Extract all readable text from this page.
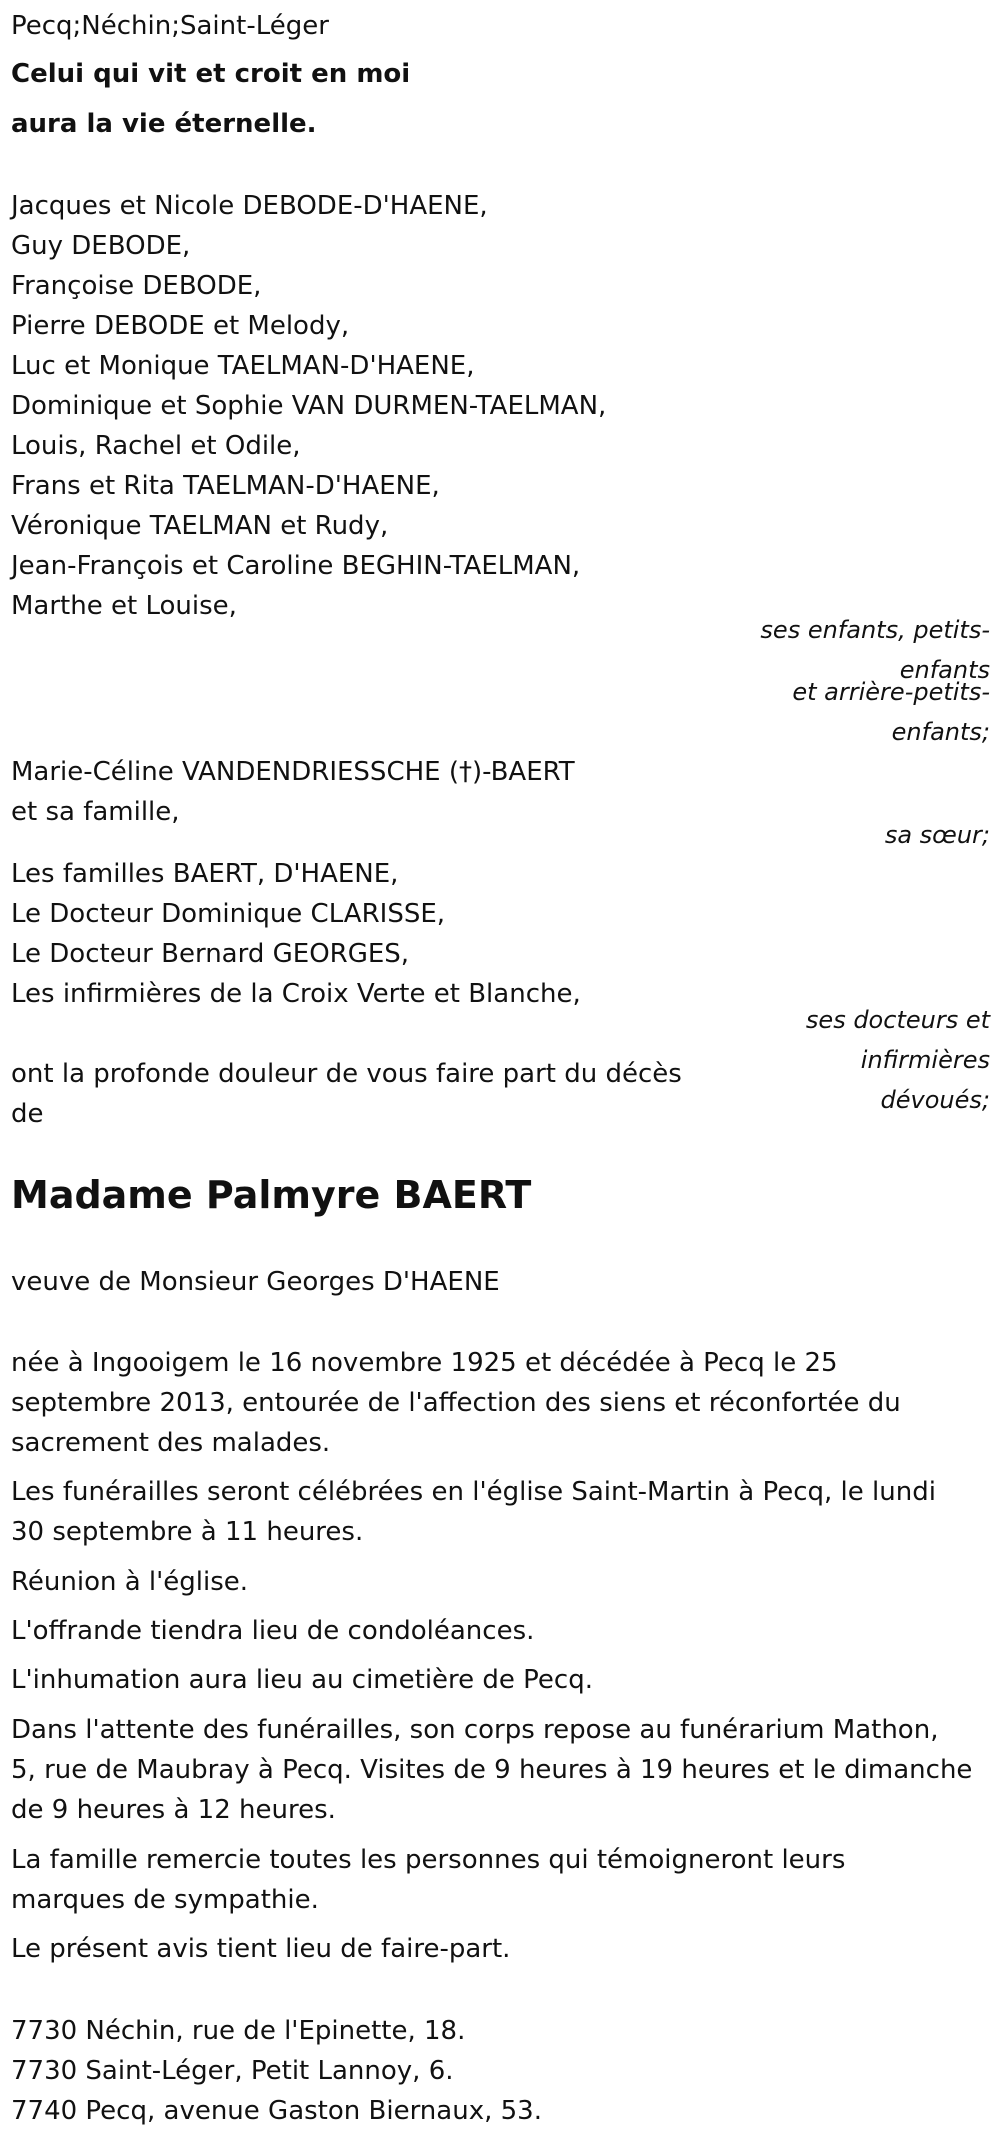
Pecq;Néchin;Saint-Léger
Celui qui vit et croit en moi
aura la vie éternelle.
Jacques et Nicole DEBODE-D'HAENE,
Guy DEBODE,
Françoise DEBODE,
Pierre DEBODE et Melody,
Luc et Monique TAELMAN-D'HAENE,
Dominique et Sophie VAN DURMEN-TAELMAN,
Louis, Rachel et Odile,
Frans et Rita TAELMAN-D'HAENE,
Véronique TAELMAN et Rudy,
Jean-François et Caroline BEGHIN-TAELMAN,
Marthe et Louise,
ses enfants, petits-
enfants
et arrière-petits-
enfants;
Marie-Céline VANDENDRIESSCHE (†)-BAERT
et sa famille,
sa sœur;
Les familles BAERT, D'HAENE,
Le Docteur Dominique CLARISSE,
Le Docteur Bernard GEORGES,
Les infirmières de la Croix Verte et Blanche,
ses docteurs et
infirmières
dévoués;
ont la profonde douleur de vous faire part du décès
de
Madame Palmyre BAERT
veuve de Monsieur Georges D'HAENE
née à Ingooigem le 16 novembre 1925 et décédée à Pecq le 25
septembre 2013, entourée de l'affection des siens et réconfortée du
sacrement des malades.
Les funérailles seront célébrées en l'église Saint-Martin à Pecq, le lundi
30 septembre à 11 heures.
Réunion à l'église.
L'offrande tiendra lieu de condoléances.
L'inhumation aura lieu au cimetière de Pecq.
Dans l'attente des funérailles, son corps repose au funérarium Mathon,
5, rue de Maubray à Pecq. Visites de 9 heures à 19 heures et le dimanche
de 9 heures à 12 heures.
La famille remercie toutes les personnes qui témoigneront leurs
marques de sympathie.
Le présent avis tient lieu de faire-part.
7730 Néchin, rue de l'Epinette, 18.
7730 Saint-Léger, Petit Lannoy, 6.
7740 Pecq, avenue Gaston Biernaux, 53.
